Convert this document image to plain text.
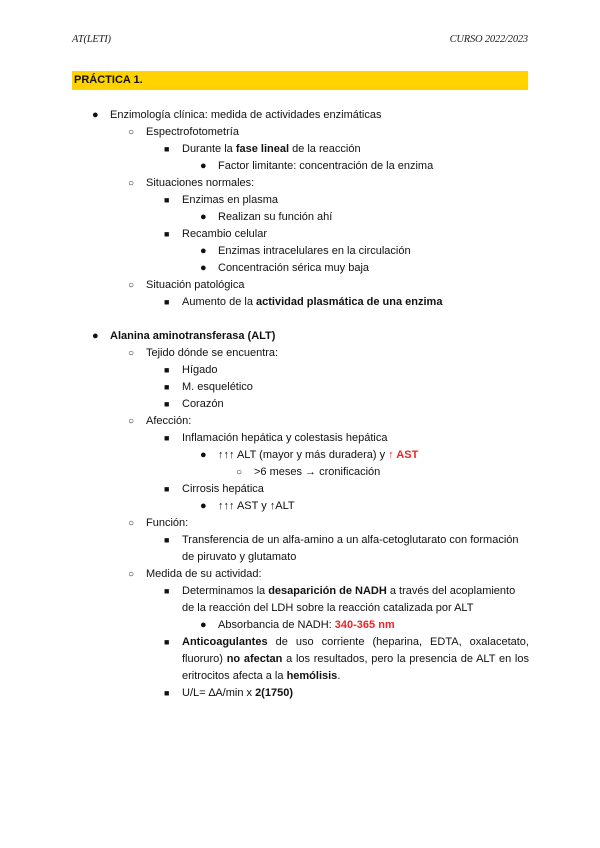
AT(LETI)	CURSO 2022/2023
PRÁCTICA 1.
● Enzimología clínica: medida de actividades enzimáticas
○ Espectrofotometría
■ Durante la fase lineal de la reacción
● Factor limitante: concentración de la enzima
○ Situaciones normales:
■ Enzimas en plasma
● Realizan su función ahí
■ Recambio celular
● Enzimas intracelulares en la circulación
● Concentración sérica muy baja
○ Situación patológica
■ Aumento de la actividad plasmática de una enzima
● Alanina aminotransferasa (ALT)
○ Tejido dónde se encuentra:
■ Hígado
■ M. esquelético
■ Corazón
○ Afección:
■ Inflamación hepática y colestasis hepática
● ↑↑↑ ALT (mayor y más duradera) y ↑ AST
○ >6 meses → cronificación
■ Cirrosis hepática
● ↑↑↑ AST y ↑ALT
○ Función:
■ Transferencia de un alfa-amino a un alfa-cetoglutarato con formación de piruvato y glutamato
○ Medida de su actividad:
■ Determinamos la desaparición de NADH a través del acoplamiento de la reacción del LDH sobre la reacción catalizada por ALT
● Absorbancia de NADH: 340-365 nm
■ Anticoagulantes de uso corriente (heparina, EDTA, oxalacetato, fluoruro) no afectan a los resultados, pero la presencia de ALT en los eritrocitos afecta a la hemólisis.
■ U/L= ∆A/min x 2(1750)
